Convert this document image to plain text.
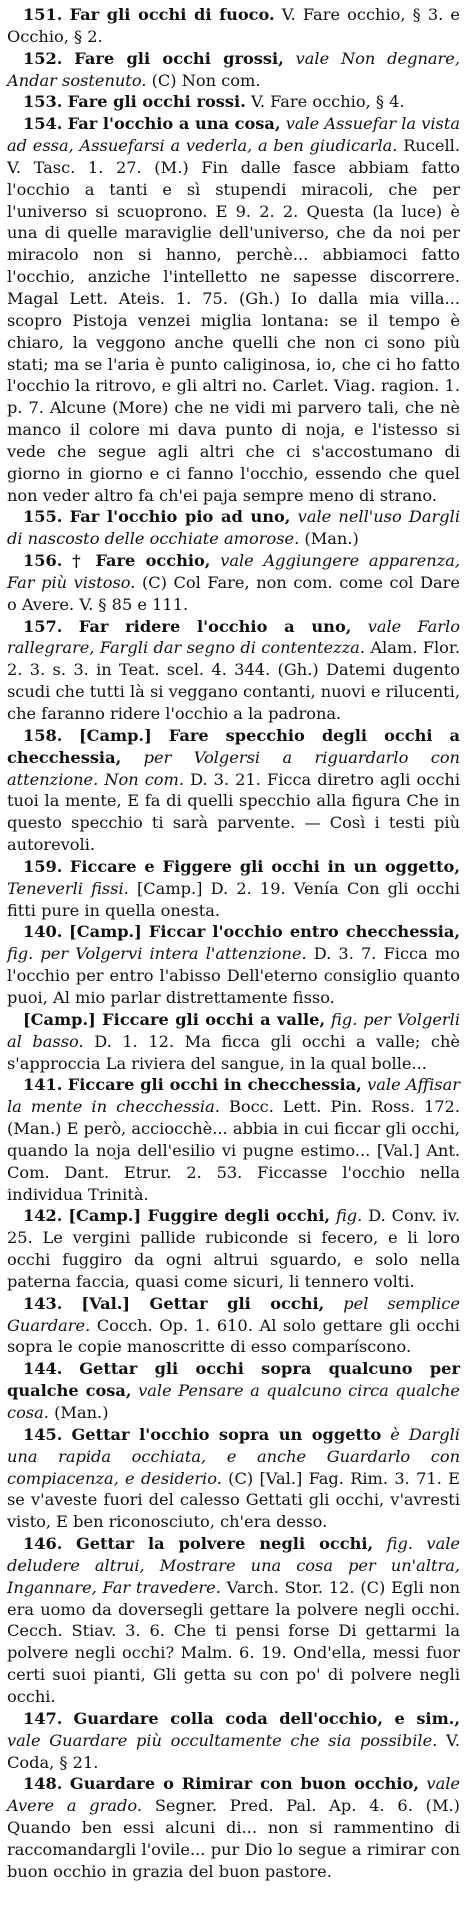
151. Far gli occhi di fuoco. V. Fare occhio, § 3. e Occhio, § 2.

152. Fare gli occhi grossi, vale Non degnare, Andar sostenuto. (C) Non com.

153. Fare gli occhi rossi. V. Fare occhio, § 4.

154. Far l'occhio a una cosa, vale Assuefar la vista ad essa, Assuefarsi a vederla, a ben giudicarla. Rucell. V. Tasc. 1. 27. (M.) Fin dalle fasce abbiam fatto l'occhio a tanti e sì stupendi miracoli, che per l'universo si scuoprono. E 9. 2. 2. Questa (la luce) è una di quelle maraviglie dell'universo, che da noi per miracolo non si hanno, perchè... abbiamoci fatto l'occhio, anziche l'intelletto ne sapesse discorrere. Magal Lett. Ateis. 1. 75. (Gh.) Io dalla mia villa... scopro Pistoja venzei miglia lontana: se il tempo è chiaro, la veggono anche quelli che non ci sono più stati; ma se l'aria è punto caliginosa, io, che ci ho fatto l'occhio la ritrovo, e gli altri no. Carlet. Viag. ragion. 1. p. 7. Alcune (More) che ne vidi mi parvero tali, che nè manco il colore mi dava punto di noja, e l'istesso si vede che segue agli altri che ci s'accostumano di giorno in giorno e ci fanno l'occhio, essendo che quel non veder altro fa ch'ei paja sempre meno di strano.

155. Far l'occhio pio ad uno, vale nell'uso Dargli di nascosto delle occhiate amorose. (Man.)

156. † Fare occhio, vale Aggiungere apparenza, Far più vistoso. (C) Col Fare, non com. come col Dare o Avere. V. § 85 e 111.

157. Far ridere l'occhio a uno, vale Farlo rallegrare, Fargli dar segno di contentezza. Alam. Flor. 2. 3. s. 3. in Teat. scel. 4. 344. (Gh.) Datemi dugento scudi che tutti là si veggano contanti, nuovi e rilucenti, che faranno ridere l'occhio a la padrona.

158. [Camp.] Fare specchio degli occhi a checchessia, per Volgersi a riguardarlo con attenzione. Non com. D. 3. 21. Ficca diretro agli occhi tuoi la mente, E fa di quelli specchio alla figura Che in questo specchio ti sarà parvente. — Così i testi più autorevoli.

159. Ficcare e Figgere gli occhi in un oggetto, Teneverli fissi. [Camp.] D. 2. 19. Venía Con gli occhi fitti pure in quella onesta.

140. [Camp.] Ficcar l'occhio entro checchessia, fig. per Volgervi intera l'attenzione. D. 3. 7. Ficca mo l'occhio per entro l'abisso Dell'eterno consiglio quanto puoi, Al mio parlar distrettamente fisso.

[Camp.] Ficcare gli occhi a valle, fig. per Volgerli al basso. D. 1. 12. Ma ficca gli occhi a valle; chè s'approccia La riviera del sangue, in la qual bolle...

141. Ficcare gli occhi in checchessia, vale Affisar la mente in checchessia. Bocc. Lett. Pin. Ross. 172. (Man.) E però, acciocchè... abbia in cui ficcar gli occhi, quando la noja dell'esilio vi pugne estimo... [Val.] Ant. Com. Dant. Etrur. 2. 53. Ficcasse l'occhio nella individua Trinità.

142. [Camp.] Fuggire degli occhi, fig. D. Conv. iv. 25. Le vergini pallide rubiconde si fecero, e li loro occhi fuggiro da ogni altrui sguardo, e solo nella paterna faccia, quasi come sicuri, li tennero volti.

143. [Val.] Gettar gli occhi, pel semplice Guardare. Cocch. Op. 1. 610. Al solo gettare gli occhi sopra le copie manoscritte di esso comparíscono.

144. Gettar gli occhi sopra qualcuno per qualche cosa, vale Pensare a qualcuno circa qualche cosa. (Man.)

145. Gettar l'occhio sopra un oggetto è Dargli una rapida occhiata, e anche Guardarlo con compiacenza, e desiderio. (C) [Val.] Fag. Rim. 3. 71. E se v'aveste fuori del calesso Gettati gli occhi, v'avresti visto, E ben riconosciuto, ch'era desso.

146. Gettar la polvere negli occhi, fig. vale deludere altrui, Mostrare una cosa per un'altra, Ingannare, Far travedere. Varch. Stor. 12. (C) Egli non era uomo da doversegli gettare la polvere negli occhi. Cecch. Stiav. 3. 6. Che ti pensi forse Di gettarmi la polvere negli occhi? Malm. 6. 19. Ond'ella, messi fuor certi suoi pianti, Gli getta su con po' di polvere negli occhi.

147. Guardare colla coda dell'occhio, e sim., vale Guardare più occultamente che sia possibile. V. Coda, § 21.

148. Guardare o Rimirar con buon occhio, vale Avere a grado. Segner. Pred. Pal. Ap. 4. 6. (M.) Quando ben essi alcuni di... non si rammentino di raccomandargli l'ovile... pur Dio lo segue a rimirar con buon occhio in grazia del buon pastore.
